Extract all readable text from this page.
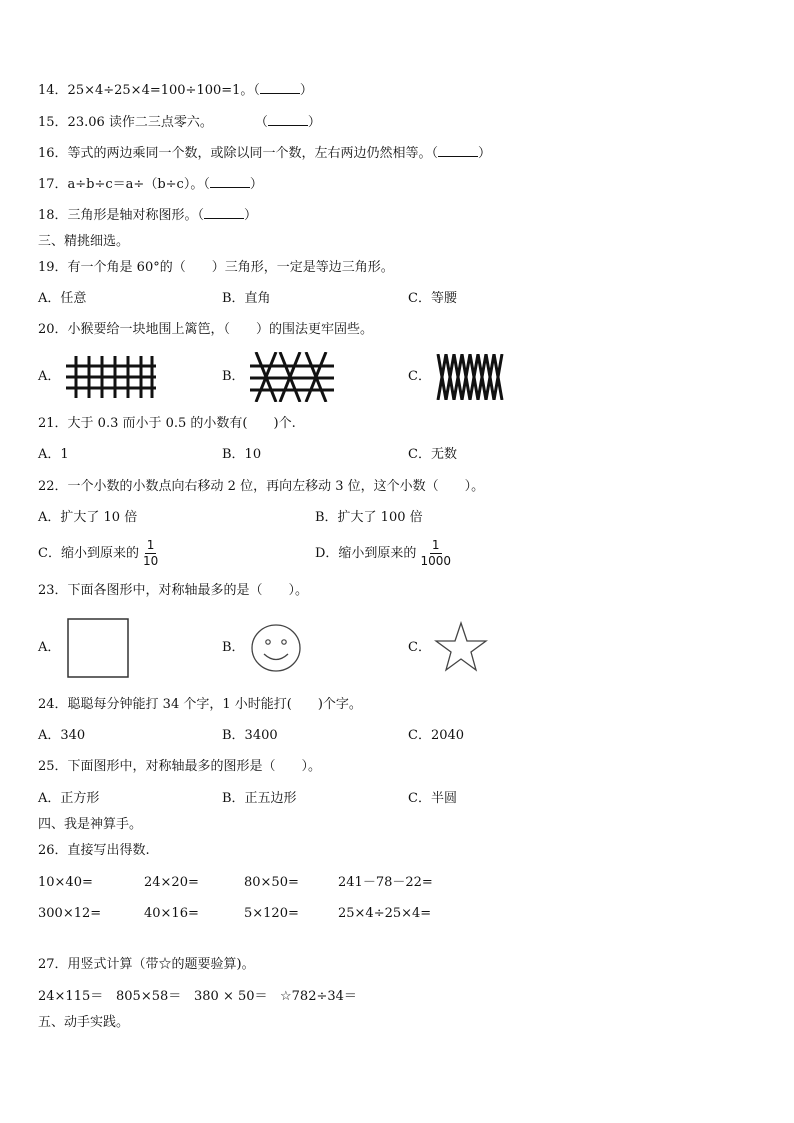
14．25×4÷25×4=100÷100=1。（	）
15．23.06 读作二三点零六。	（	）
16．等式的两边乘同一个数，或除以同一个数，左右两边仍然相等。（	）
17．a÷b÷c＝a÷（b÷c）。（	）
18．三角形是轴对称图形。（	）
三、精挑细选。
19．有一个角是 60°的（　　）三角形，一定是等边三角形。
A．任意	B．直角	C．等腰
20．小猴要给一块地围上篱笆，（　　）的围法更牢固些。
A．	B．	C．
21．大于 0.3 而小于 0.5 的小数有(　　)个.
A．1	B．10	C．无数
22．一个小数的小数点向右移动 2 位，再向左移动 3 位，这个小数（　　）。
A．扩大了 10 倍	B．扩大了 100 倍
C．缩小到原来的 $\frac{1}{10}$	D．缩小到原来的 $\frac{1}{1000}$
23．下面各图形中，对称轴最多的是（　　）。
A．	B．	C．
24．聪聪每分钟能打 34 个字，1 小时能打(　　)个字。
A．340	B．3400	C．2040
25．下面图形中，对称轴最多的图形是（　　）。
A．正方形	B．正五边形	C．半圆
四、我是神算手。
26．直接写出得数.
10×40=	24×20=	80×50=	241－78－22=
300×12=	40×16=	5×120=	25×4÷25×4=
27．用竖式计算（带☆的题要验算)。
24×115＝ 805×58＝ 380 × 50＝ ☆782÷34＝
五、动手实践。
